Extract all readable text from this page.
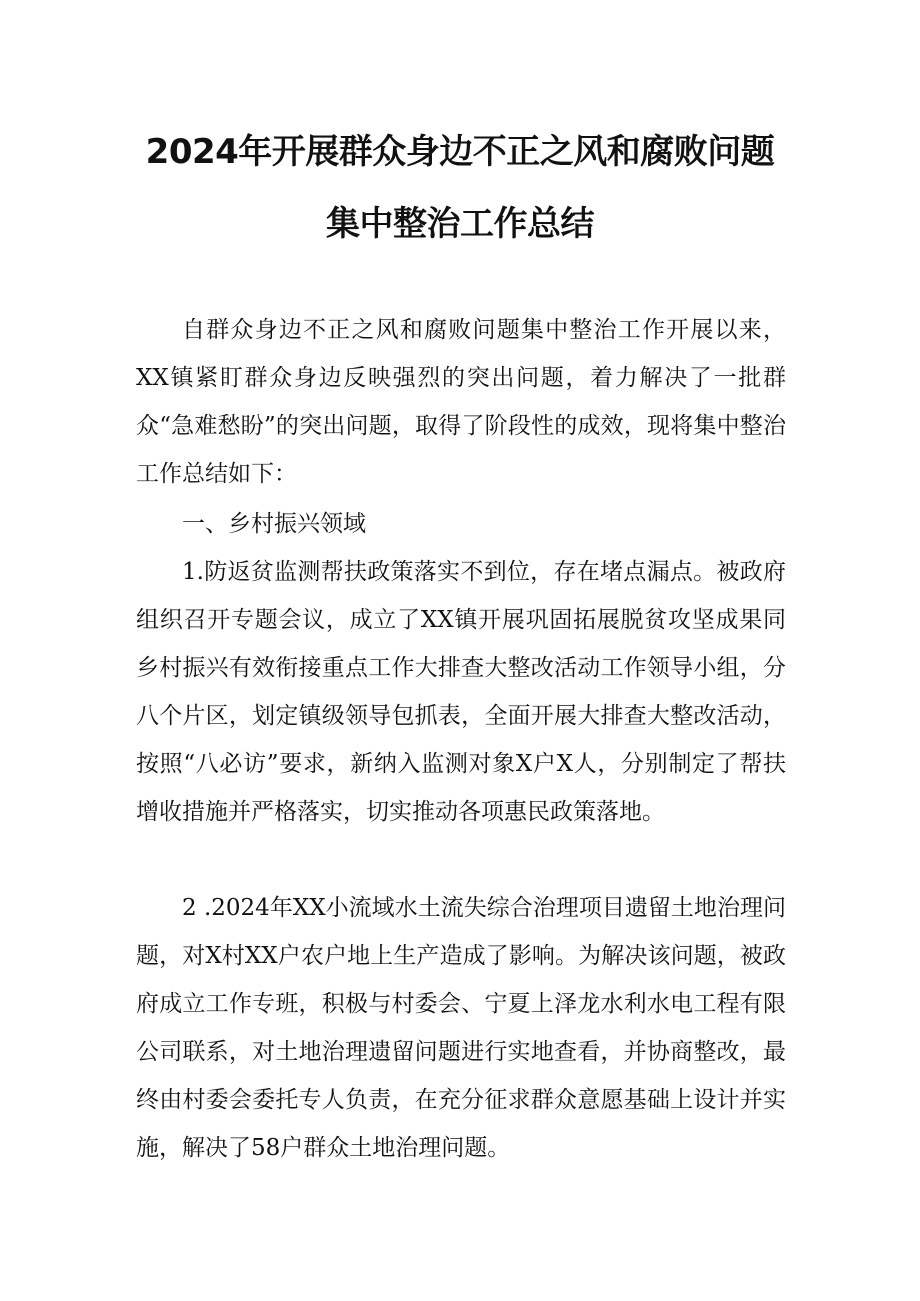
2024年开展群众身边不正之风和腐败问题
集中整治工作总结

自群众身边不正之风和腐败问题集中整治工作开展以来，XX镇紧盯群众身边反映强烈的突出问题，着力解决了一批群众“急难愁盼”的突出问题，取得了阶段性的成效，现将集中整治工作总结如下：

一、乡村振兴领域

1.防返贫监测帮扶政策落实不到位，存在堵点漏点。被政府组织召开专题会议，成立了XX镇开展巩固拓展脱贫攻坚成果同乡村振兴有效衔接重点工作大排查大整改活动工作领导小组，分八个片区，划定镇级领导包抓表，全面开展大排查大整改活动，按照“八必访”要求，新纳入监测对象X户X人，分别制定了帮扶增收措施并严格落实，切实推动各项惠民政策落地。

2 .2024年XX小流域水土流失综合治理项目遗留土地治理问题，对X村XX户农户地上生产造成了影响。为解决该问题，被政府成立工作专班，积极与村委会、宁夏上泽龙水利水电工程有限公司联系，对土地治理遗留问题进行实地查看，并协商整改，最终由村委会委托专人负责，在充分征求群众意愿基础上设计并实施，解决了58户群众土地治理问题。
